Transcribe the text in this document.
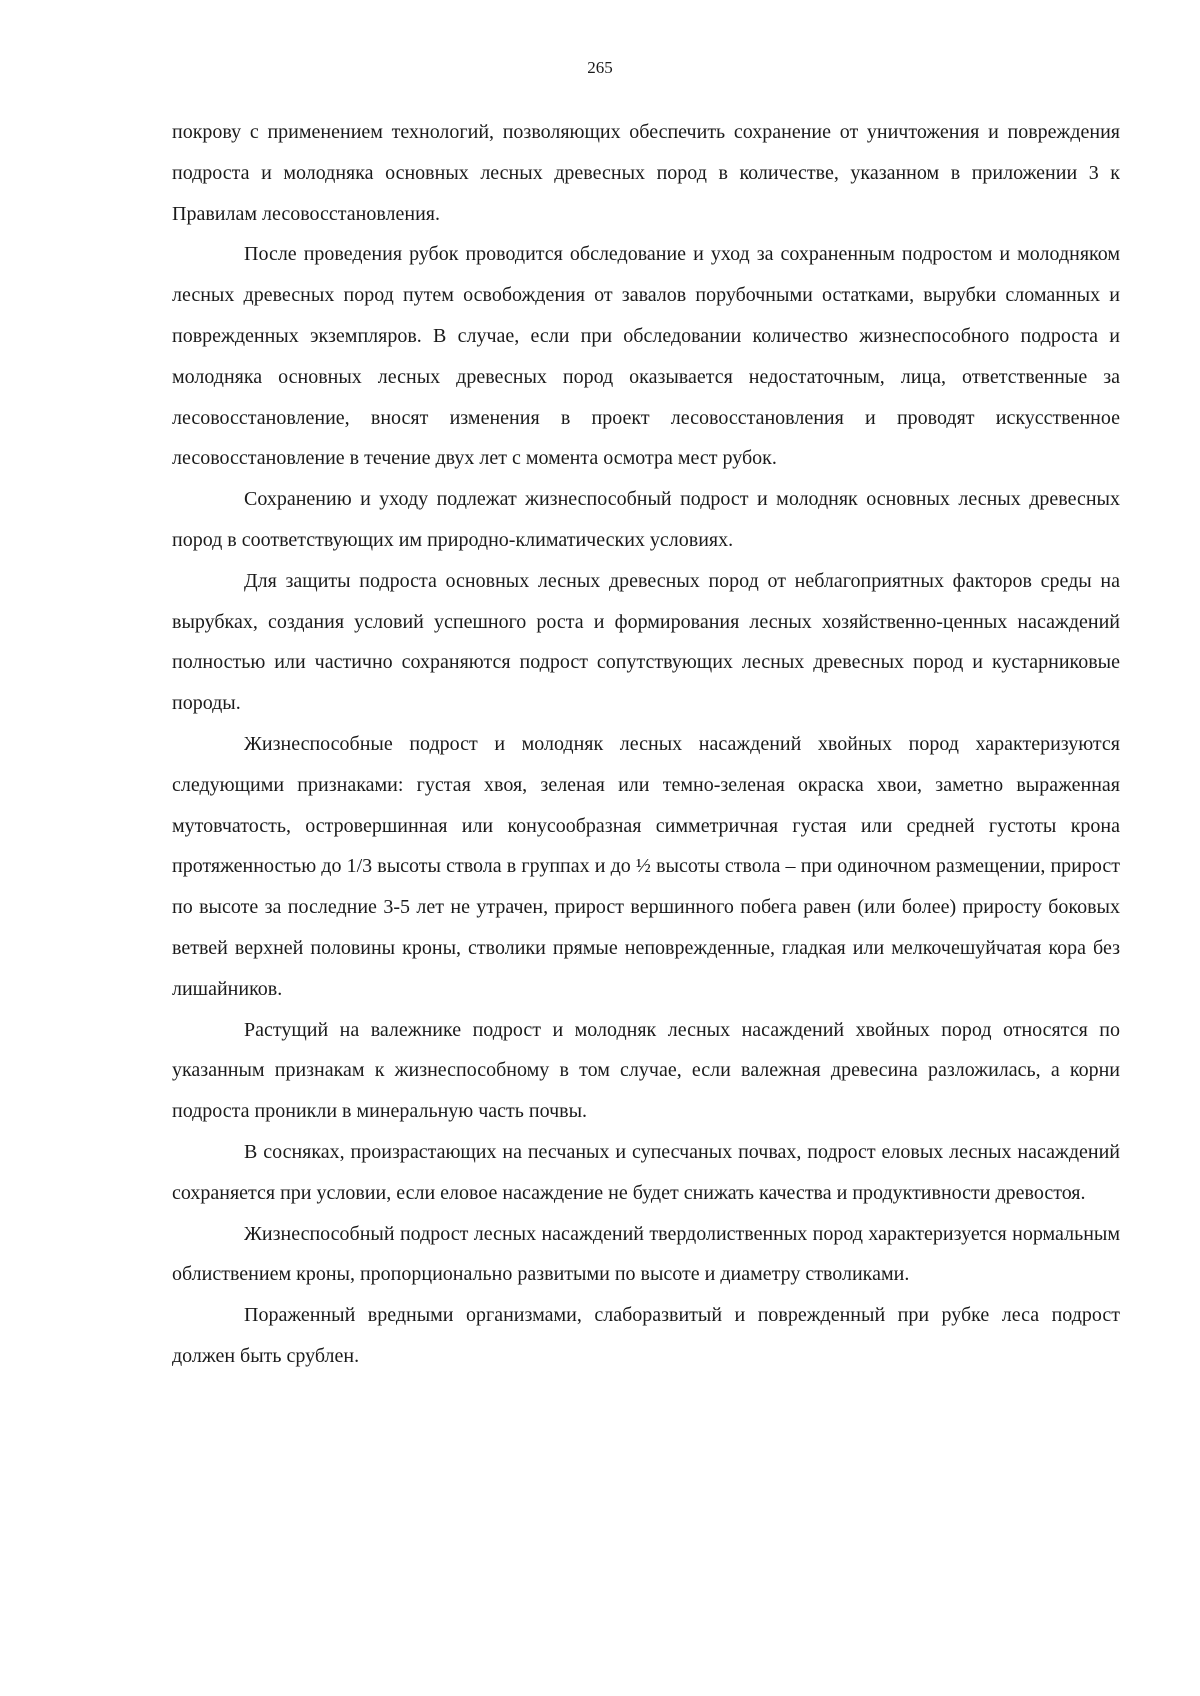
265

покрову с применением технологий, позволяющих обеспечить сохранение от уничтожения и повреждения подроста и молодняка основных лесных древесных пород в количестве, указанном в приложении 3 к Правилам лесовосстановления.

После проведения рубок проводится обследование и уход за сохраненным подростом и молодняком лесных древесных пород путем освобождения от завалов порубочными остатками, вырубки сломанных и поврежденных экземпляров. В случае, если при обследовании количество жизнеспособного подроста и молодняка основных лесных древесных пород оказывается недостаточным, лица, ответственные за лесовосстановление, вносят изменения в проект лесовосстановления и проводят искусственное лесовосстановление в течение двух лет с момента осмотра мест рубок.

Сохранению и уходу подлежат жизнеспособный подрост и молодняк основных лесных древесных пород в соответствующих им природно-климатических условиях.

Для защиты подроста основных лесных древесных пород от неблагоприятных факторов среды на вырубках, создания условий успешного роста и формирования лесных хозяйственно-ценных насаждений полностью или частично сохраняются подрост сопутствующих лесных древесных пород и кустарниковые породы.

Жизнеспособные подрост и молодняк лесных насаждений хвойных пород характеризуются следующими признаками: густая хвоя, зеленая или темно-зеленая окраска хвои, заметно выраженная мутовчатость, островершинная или конусообразная симметричная густая или средней густоты крона протяженностью до 1/3 высоты ствола в группах и до ½ высоты ствола – при одиночном размещении, прирост по высоте за последние 3-5 лет не утрачен, прирост вершинного побега равен (или более) приросту боковых ветвей верхней половины кроны, стволики прямые неповрежденные, гладкая или мелкочешуйчатая кора без лишайников.

Растущий на валежнике подрост и молодняк лесных насаждений хвойных пород относятся по указанным признакам к жизнеспособному в том случае, если валежная древесина разложилась, а корни подроста проникли в минеральную часть почвы.

В сосняках, произрастающих на песчаных и супесчаных почвах, подрост еловых лесных насаждений сохраняется при условии, если еловое насаждение не будет снижать качества и продуктивности древостоя.

Жизнеспособный подрост лесных насаждений твердолиственных пород характеризуется нормальным облиствением кроны, пропорционально развитыми по высоте и диаметру стволиками.

Пораженный вредными организмами, слаборазвитый и поврежденный при рубке леса подрост должен быть срублен.
